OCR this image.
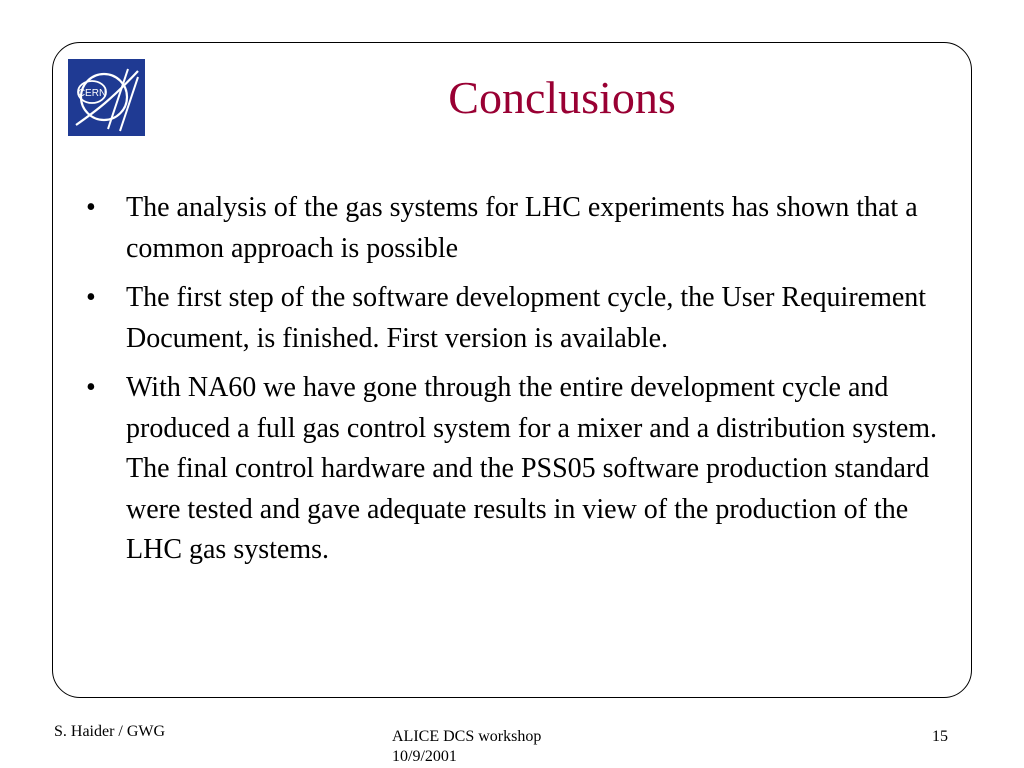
CERN	Conclusions
• The analysis of the gas systems for LHC experiments has shown that a common approach is possible
• The first step of the software development cycle, the User Requirement Document, is finished. First version is available.
• With NA60 we have gone through the entire development cycle and produced a full gas control system for a mixer and a distribution system. The final control hardware and the PSS05 software production standard were tested and gave adequate results in view of the production of the LHC gas systems.
S. Haider / GWG	ALICE DCS workshop
10/9/2001
15
